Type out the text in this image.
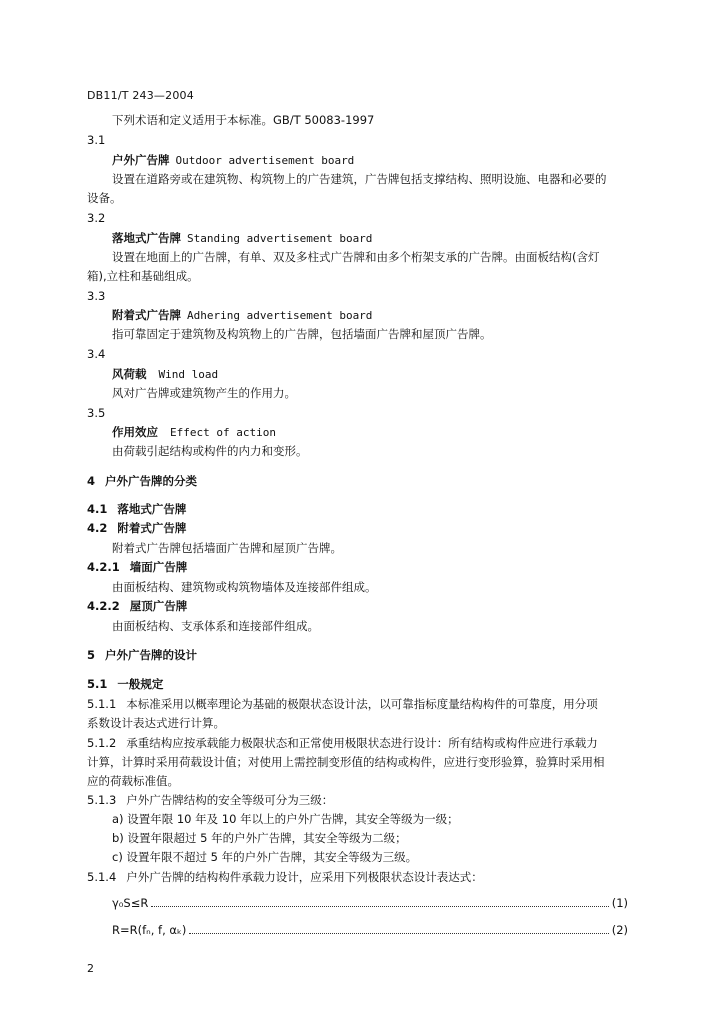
DB11/T 243—2004
下列术语和定义适用于本标准。GB/T 50083-1997
3.1
户外广告牌 Outdoor advertisement board
设置在道路旁或在建筑物、构筑物上的广告建筑，广告牌包括支撑结构、照明设施、电器和必要的
设备。
3.2
落地式广告牌 Standing advertisement board
设置在地面上的广告牌，有单、双及多柱式广告牌和由多个桁架支承的广告牌。由面板结构(含灯
箱),立柱和基础组成。
3.3
附着式广告牌 Adhering advertisement board
指可靠固定于建筑物及构筑物上的广告牌，包括墙面广告牌和屋顶广告牌。
3.4
风荷载 Wind load
风对广告牌或建筑物产生的作用力。
3.5
作用效应 Effect of action
由荷载引起结构或构件的内力和变形。
4 户外广告牌的分类
4.1 落地式广告牌
4.2 附着式广告牌
附着式广告牌包括墙面广告牌和屋顶广告牌。
4.2.1 墙面广告牌
由面板结构、建筑物或构筑物墙体及连接部件组成。
4.2.2 屋顶广告牌
由面板结构、支承体系和连接部件组成。
5 户外广告牌的设计
5.1 一般规定
5.1.1 本标准采用以概率理论为基础的极限状态设计法，以可靠指标度量结构构件的可靠度，用分项
系数设计表达式进行计算。
5.1.2 承重结构应按承载能力极限状态和正常使用极限状态进行设计：所有结构或构件应进行承载力
计算，计算时采用荷载设计值；对使用上需控制变形值的结构或构件，应进行变形验算，验算时采用相
应的荷载标准值。
5.1.3 户外广告牌结构的安全等级可分为三级：
a) 设置年限 10 年及 10 年以上的户外广告牌，其安全等级为一级；
b) 设置年限超过 5 年的户外广告牌，其安全等级为二级；
c) 设置年限不超过 5 年的户外广告牌，其安全等级为三级。
5.1.4 户外广告牌的结构构件承载力设计，应采用下列极限状态设计表达式：
γ₀S≤R	(1)
R=R(fₙ, f, αₖ)	(2)
2
